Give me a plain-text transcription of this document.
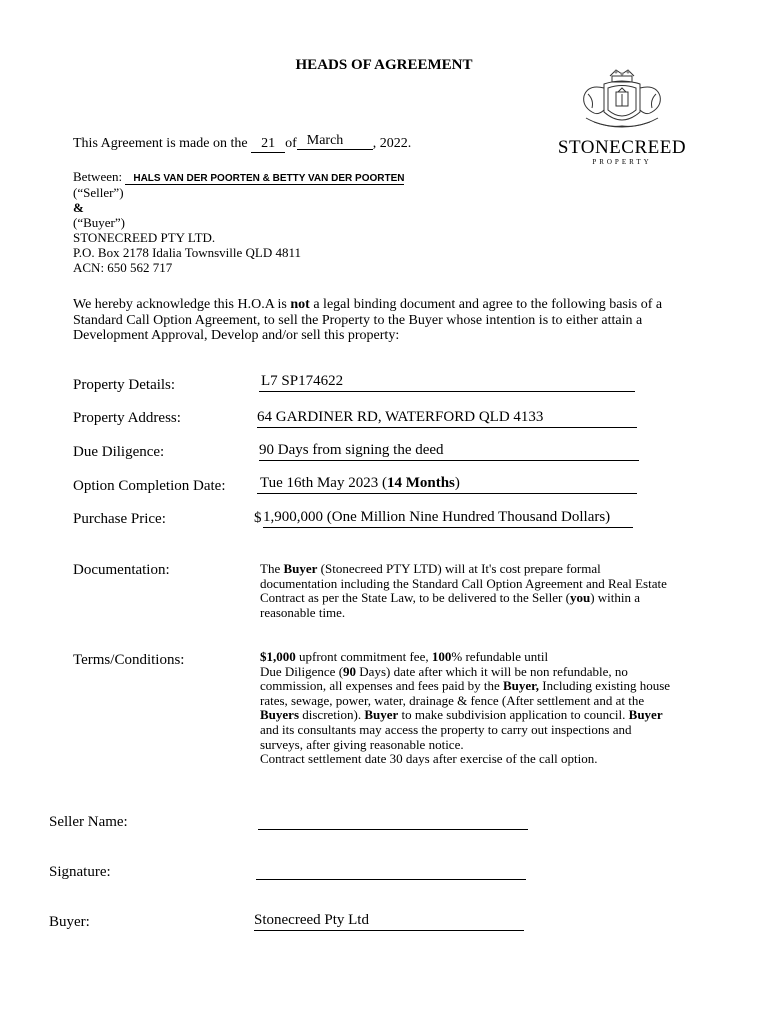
HEADS OF AGREEMENT
This Agreement is made on the 21 of March , 2022.	STONECREED
PROPERTY
Between: HALS VAN DER POORTEN & BETTY VAN DER POORTEN
(“Seller”)
&
(“Buyer”)
STONECREED PTY LTD.
P.O. Box 2178 Idalia Townsville QLD 4811
ACN: 650 562 717
We hereby acknowledge this H.O.A is not a legal binding document and agree to the following basis of a Standard Call Option Agreement, to sell the Property to the Buyer whose intention is to either attain a Development Approval, Develop and/or sell this property:
Property Details:	L7 SP174622
Property Address:	64 GARDINER RD, WATERFORD QLD 4133
Due Diligence:	90 Days from signing the deed
Option Completion Date: Tue 16th May 2023 (14 Months)
Purchase Price:	$ 1,900,000 (One Million Nine Hundred Thousand Dollars)
Documentation:	The Buyer (Stonecreed PTY LTD) will at It's cost prepare formal documentation including the Standard Call Option Agreement and Real Estate Contract as per the State Law, to be delivered to the Seller (you) within a reasonable time.
Terms/Conditions:	$1,000 upfront commitment fee, 100% refundable until
Due Diligence (90 Days) date after which it will be non refundable, no commission, all expenses and fees paid by the Buyer, Including existing house rates, sewage, power, water, drainage & fence (After settlement and at the Buyers discretion). Buyer to make subdivision application to council. Buyer and its consultants may access the property to carry out inspections and surveys, after giving reasonable notice.
Contract settlement date 30 days after exercise of the call option.
Seller Name:
Signature:
Buyer:	Stonecreed Pty Ltd
